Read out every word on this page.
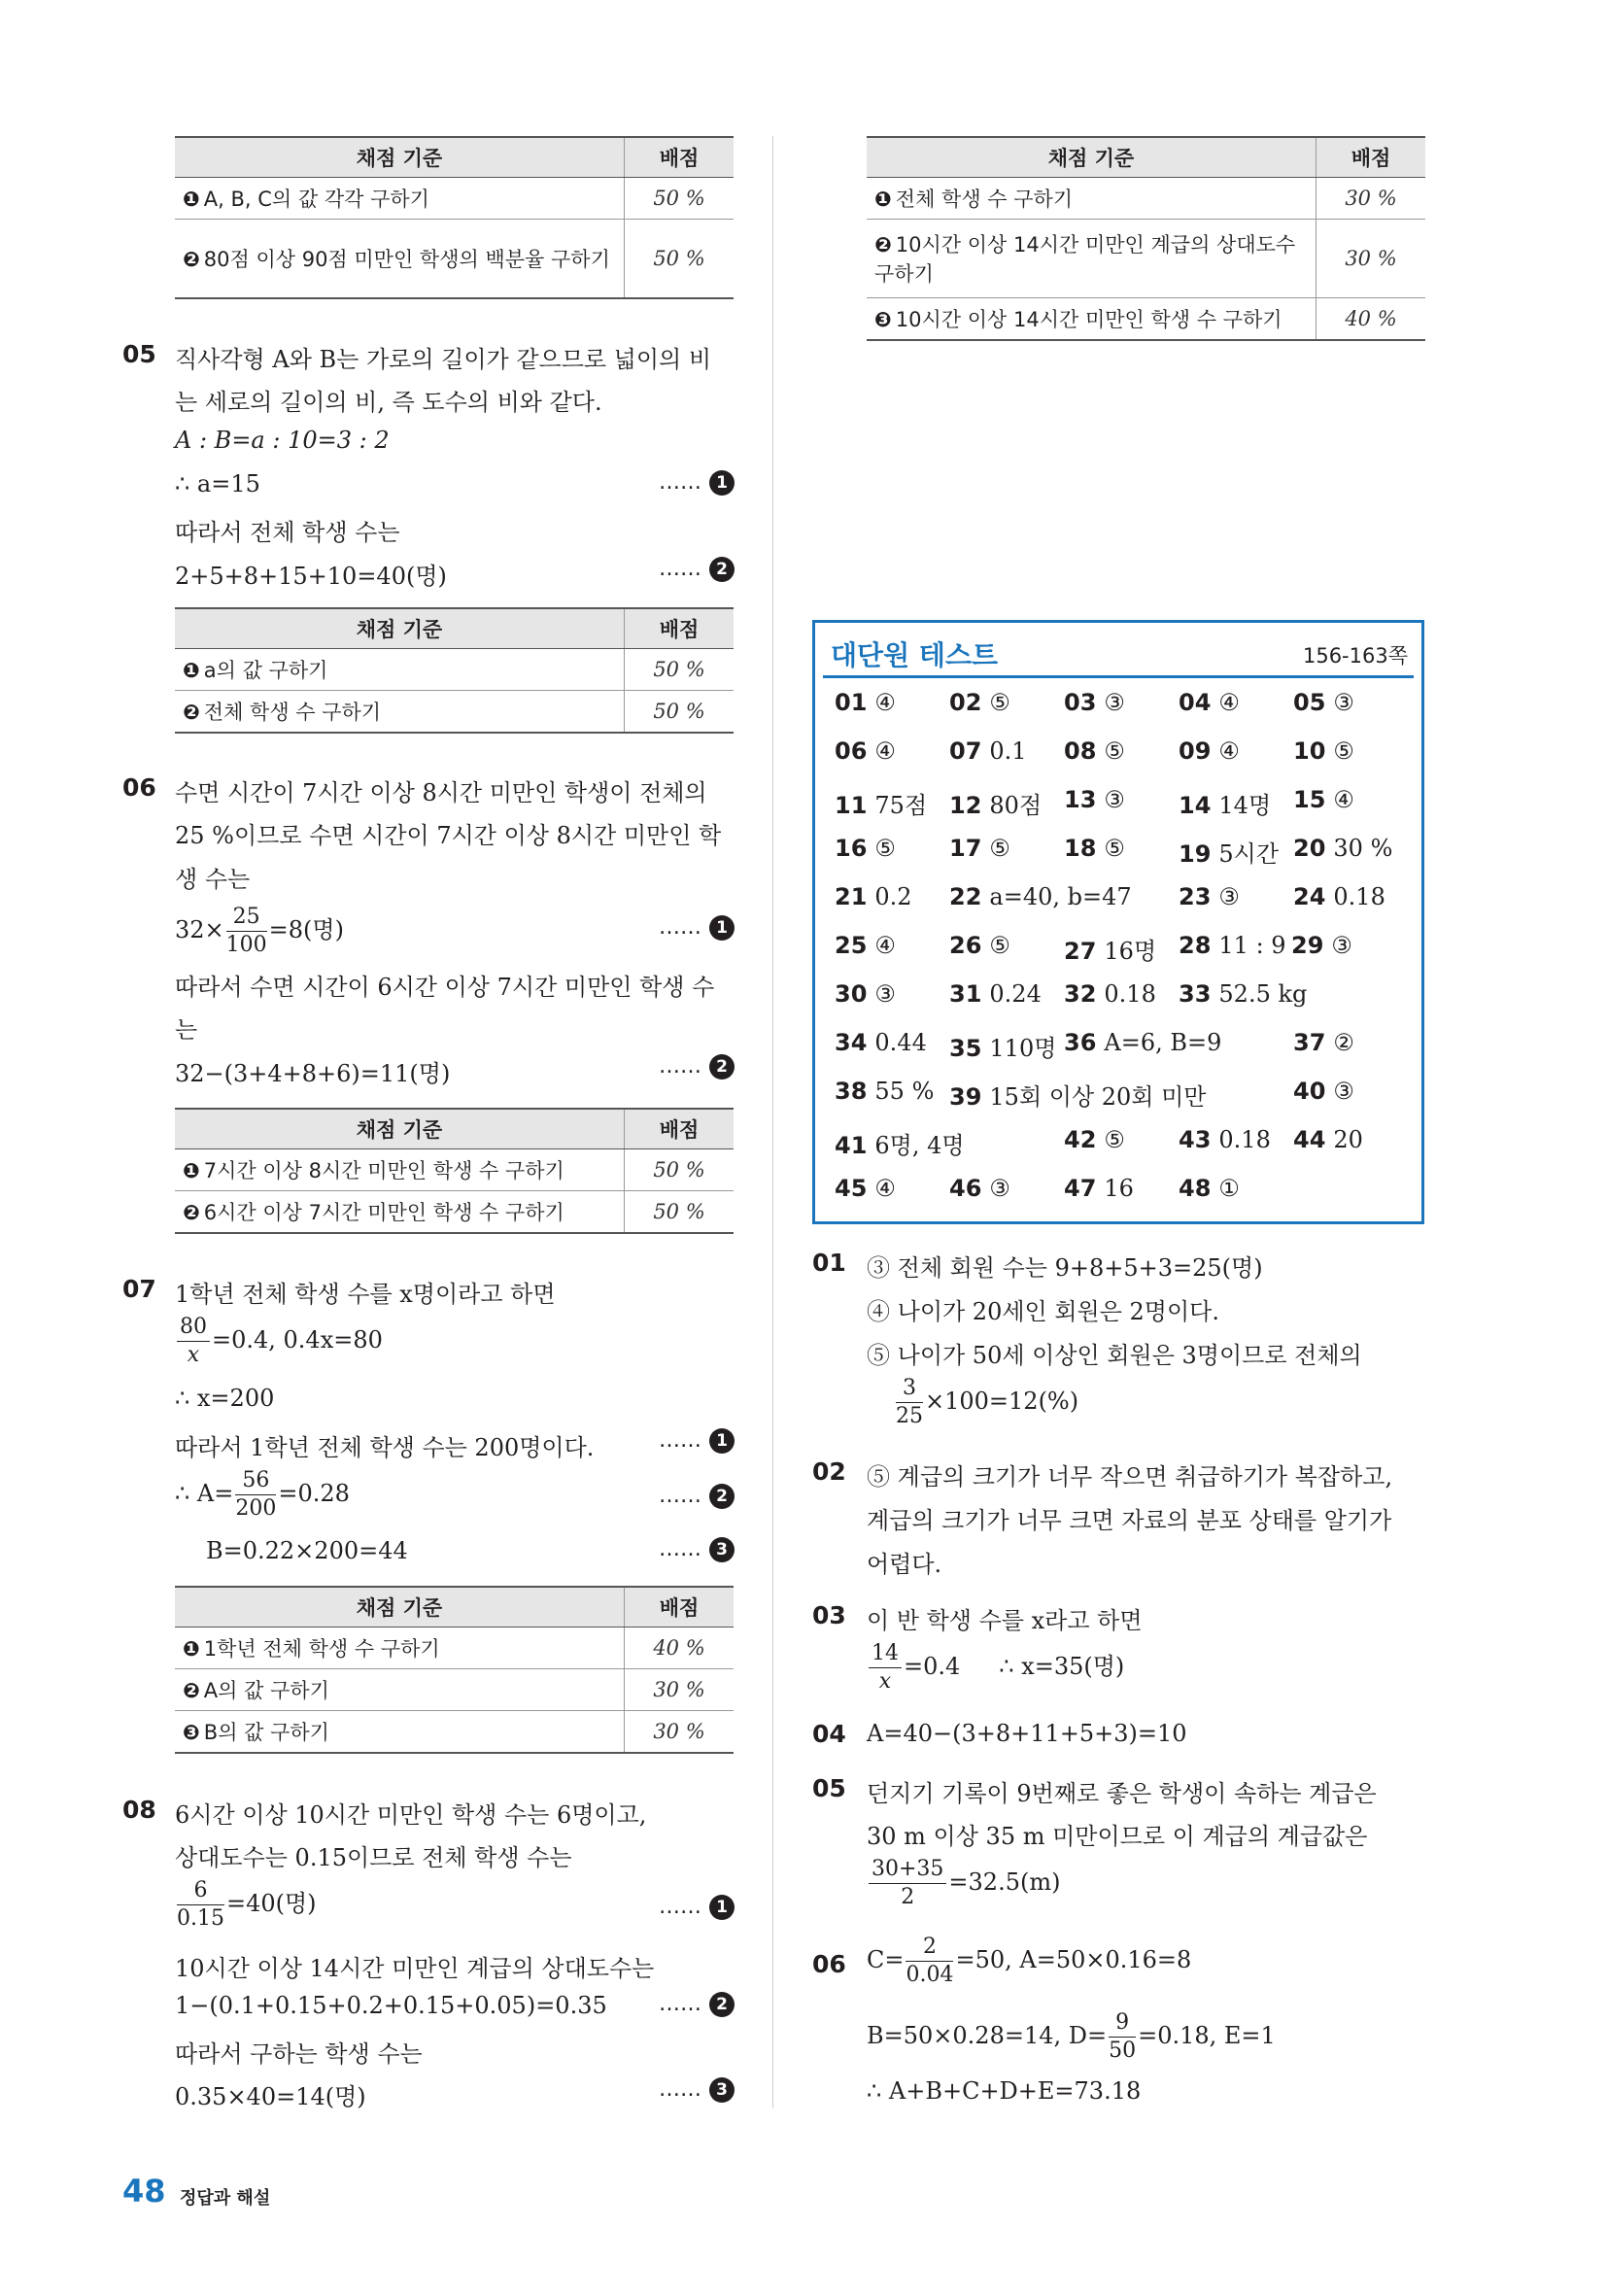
채점 기준	배점
❶ A, B, C의 값 각각 구하기	50 %
❷ 80점 이상 90점 미만인 학생의 백분율 구하기	50 %
05 직사각형 A와 B는 가로의 길이가 같으므로 넓이의 비
는 세로의 길이의 비, 즉 도수의 비와 같다.
A : B=a : 10=3 : 2
∴ a=15	…… 1
따라서 전체 학생 수는
2+5+8+15+10=40(명)	…… 2
채점 기준	배점
❶ a의 값 구하기	50 %
❷ 전체 학생 수 구하기	50 %
06 수면 시간이 7시간 이상 8시간 미만인 학생이 전체의
25 %이므로 수면 시간이 7시간 이상 8시간 미만인 학
생 수는
$32\times \frac{25}{100} =8$(명)	…… 1
따라서 수면 시간이 6시간 이상 7시간 미만인 학생 수
는
32−(3+4+8+6)=11(명)	…… 2
채점 기준	배점
❶ 7시간 이상 8시간 미만인 학생 수 구하기	50 %
❷ 6시간 이상 7시간 미만인 학생 수 구하기	50 %
07 1학년 전체 학생 수를 x명이라고 하면
$\frac{80}{x} =0.4$, 0.4x=80
∴ x=200
따라서 1학년 전체 학생 수는 200명이다.	…… 1
∴ $A= \frac{56}{200} =0.28$	…… 2
B=0.22×200=44	…… 3
채점 기준	배점
❶ 1학년 전체 학생 수 구하기	40 %
❷ A의 값 구하기	30 %
❸ B의 값 구하기	30 %
08 6시간 이상 10시간 미만인 학생 수는 6명이고,
상대도수는 0.15이므로 전체 학생 수는
$\frac{6}{0.15} =40$(명)	…… 1
10시간 이상 14시간 미만인 계급의 상대도수는
1−(0.1+0.15+0.2+0.15+0.05)=0.35 …… 2
따라서 구하는 학생 수는
0.35×40=14(명)	…… 3
채점 기준	배점
❶ 전체 학생 수 구하기	30 %
❷ 10시간 이상 14시간 미만인 계급의 상대도수 구하기	30 %
❸ 10시간 이상 14시간 미만인 학생 수 구하기	40 %
대단원 테스트	156-163쪽
01 ④ 02 ⑤ 03 ③ 04 ④ 05 ③
06 ④ 07 0.1 08 ⑤ 09 ④ 10 ⑤
11 75점 12 80점 13 ③ 14 14명 15 ④
16 ⑤ 17 ⑤ 18 ⑤ 19 5시간 20 30 %
21 0.2 22 a=40, b=47 23 ③ 24 0.18
25 ④ 26 ⑤ 27 16명 28 11 : 9 29 ③
30 ③ 31 0.24 32 0.18 33 52.5 kg
34 0.44 35 110명 36 A=6, B=9	37 ②
38 55 % 39 15회 이상 20회 미만	40 ③
41 6명, 4명	42 ⑤ 43 0.18 44 20
45 ④ 46 ③ 47 16 48 ①
01 ③ 전체 회원 수는 9+8+5+3=25(명)
④ 나이가 20세인 회원은 2명이다.
⑤ 나이가 50세 이상인 회원은 3명이므로 전체의
$\frac{3}{25} \times 100=12(\%)$
02 ⑤ 계급의 크기가 너무 작으면 취급하기가 복잡하고,
계급의 크기가 너무 크면 자료의 분포 상태를 알기가
어렵다.
03 이 반 학생 수를 x라고 하면
$\frac{14}{x} =0.4$ ∴ x=35(명)
04 A=40−(3+8+11+5+3)=10
05 던지기 기록이 9번째로 좋은 학생이 속하는 계급은
30 m 이상 35 m 미만이므로 이 계급의 계급값은
$\frac{30+35}{2} =32.5(m)$
06 $C= \frac{2}{0.04} =50$, A=50×0.16=8
B=50×0.28=14, $D= \frac{9}{50} =0.18$, E=1
∴ A+B+C+D+E=73.18
48 정답과 해설
